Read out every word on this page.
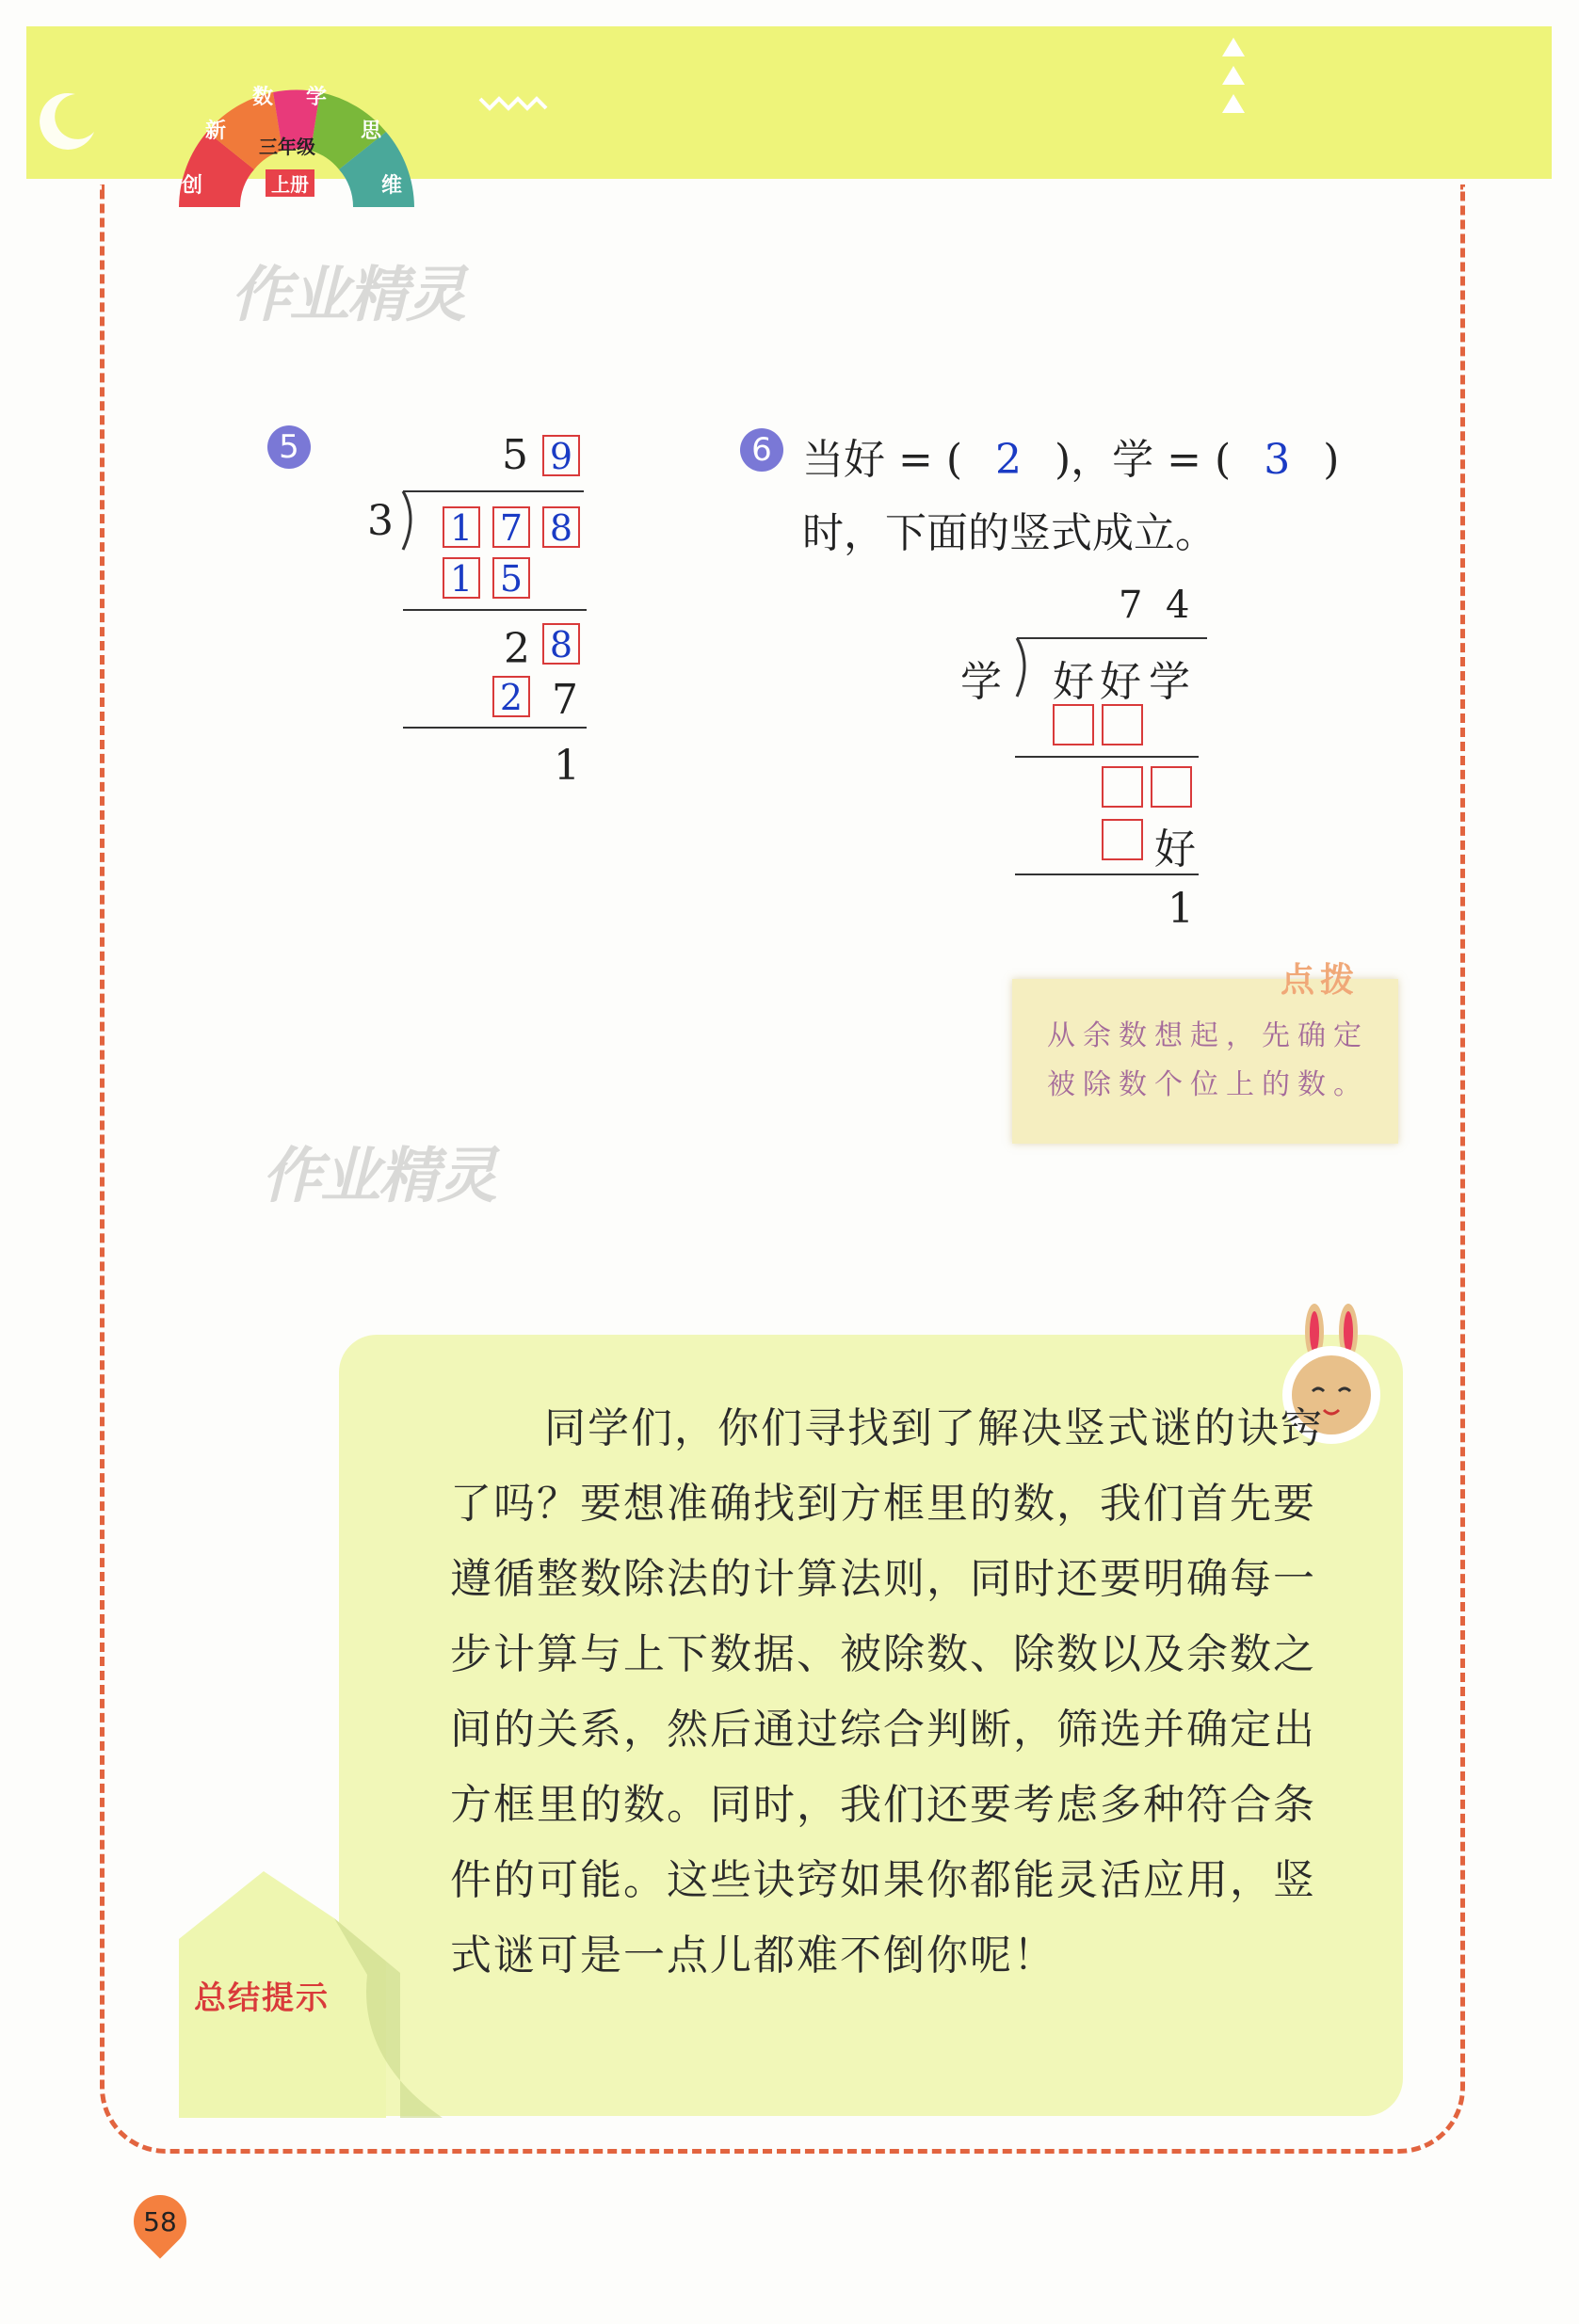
三年级
上册
创
新
数 学
思
维
作业精灵
作业精灵
5	5 9
3 1 7 8
1 5
2 8
2 7
1
6 当好 = ( 2 )，学 = ( 3 )
时，下面的竖式成立。
7 4
学 好 好 学
好
1
点拨
从余数想起，先确定被除数个位上的数。
总结提示
同学们，你们寻找到了解决竖式谜的诀窍了吗？要想准确找到方框里的数，我们首先要遵循整数除法的计算法则，同时还要明确每一步计算与上下数据、被除数、除数以及余数之间的关系，然后通过综合判断，筛选并确定出方框里的数。同时，我们还要考虑多种符合条件的可能。这些诀窍如果你都能灵活应用，竖式谜可是一点儿都难不倒你呢！
58
